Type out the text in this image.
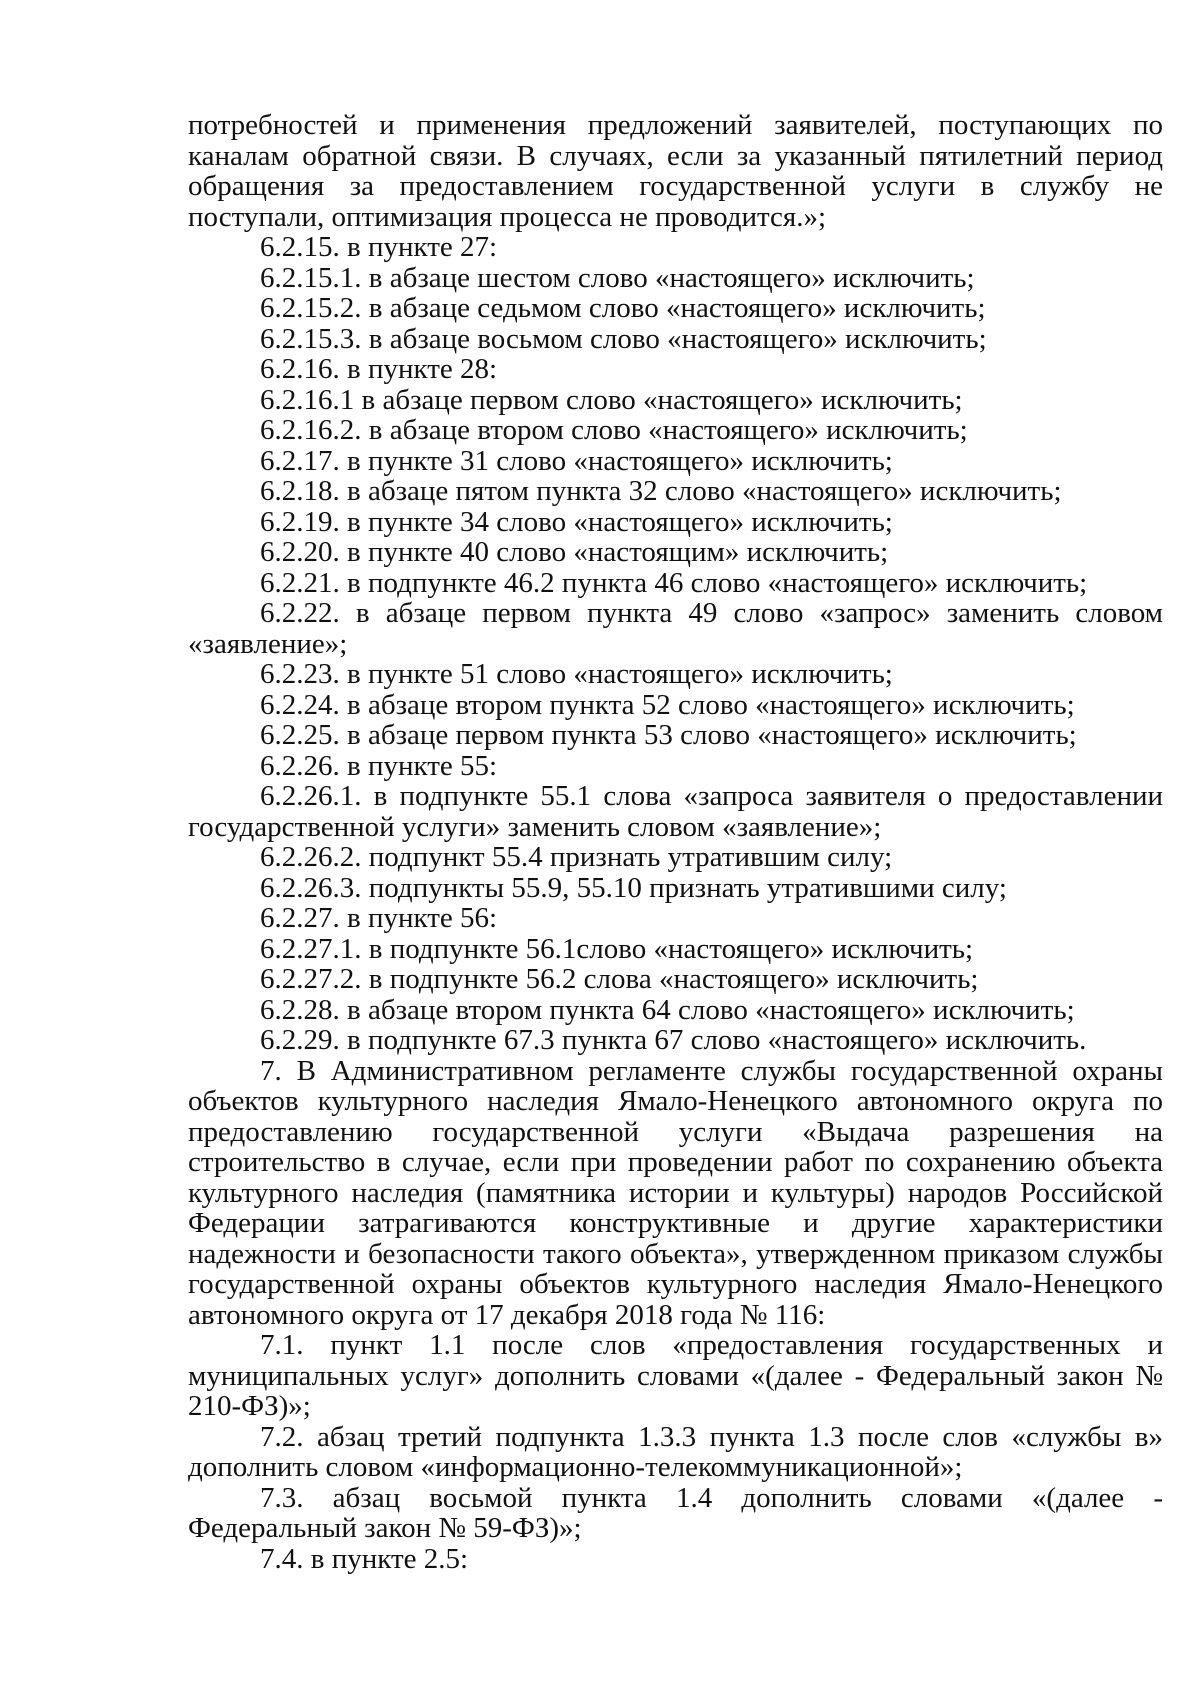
потребностей и применения предложений заявителей, поступающих по каналам обратной связи. В случаях, если за указанный пятилетний период обращения за предоставлением государственной услуги в службу не поступали, оптимизация процесса не проводится.»;

6.2.15. в пункте 27:

6.2.15.1. в абзаце шестом слово «настоящего» исключить;

6.2.15.2. в абзаце седьмом слово «настоящего» исключить;

6.2.15.3. в абзаце восьмом слово «настоящего» исключить;

6.2.16. в пункте 28:

6.2.16.1 в абзаце первом слово «настоящего» исключить;

6.2.16.2. в абзаце втором слово «настоящего» исключить;

6.2.17. в пункте 31 слово «настоящего» исключить;

6.2.18. в абзаце пятом пункта 32 слово «настоящего» исключить;

6.2.19. в пункте 34 слово «настоящего» исключить;

6.2.20. в пункте 40 слово «настоящим» исключить;

6.2.21. в подпункте 46.2 пункта 46 слово «настоящего» исключить;

6.2.22. в абзаце первом пункта 49 слово «запрос» заменить словом «заявление»;

6.2.23. в пункте 51 слово «настоящего» исключить;

6.2.24. в абзаце втором пункта 52 слово «настоящего» исключить;

6.2.25. в абзаце первом пункта 53 слово «настоящего» исключить;

6.2.26. в пункте 55:

6.2.26.1. в подпункте 55.1 слова «запроса заявителя о предоставлении государственной услуги» заменить словом «заявление»;

6.2.26.2. подпункт 55.4 признать утратившим силу;

6.2.26.3. подпункты 55.9, 55.10 признать утратившими силу;

6.2.27. в пункте 56:

6.2.27.1. в подпункте 56.1слово «настоящего» исключить;

6.2.27.2. в подпункте 56.2 слова «настоящего» исключить;

6.2.28. в абзаце втором пункта 64 слово «настоящего» исключить;

6.2.29. в подпункте 67.3 пункта 67 слово «настоящего» исключить.

7. В Административном регламенте службы государственной охраны объектов культурного наследия Ямало-Ненецкого автономного округа по предоставлению государственной услуги «Выдача разрешения на строительство в случае, если при проведении работ по сохранению объекта культурного наследия (памятника истории и культуры) народов Российской Федерации затрагиваются конструктивные и другие характеристики надежности и безопасности такого объекта», утвержденном приказом службы государственной охраны объектов культурного наследия Ямало-Ненецкого автономного округа от 17 декабря 2018 года № 116:

7.1. пункт 1.1 после слов «предоставления государственных и муниципальных услуг» дополнить словами «(далее - Федеральный закон № 210-ФЗ)»;

7.2. абзац третий подпункта 1.3.3 пункта 1.3 после слов «службы в» дополнить словом «информационно-телекоммуникационной»;

7.3. абзац восьмой пункта 1.4 дополнить словами «(далее - Федеральный закон № 59-ФЗ)»;

7.4. в пункте 2.5:
